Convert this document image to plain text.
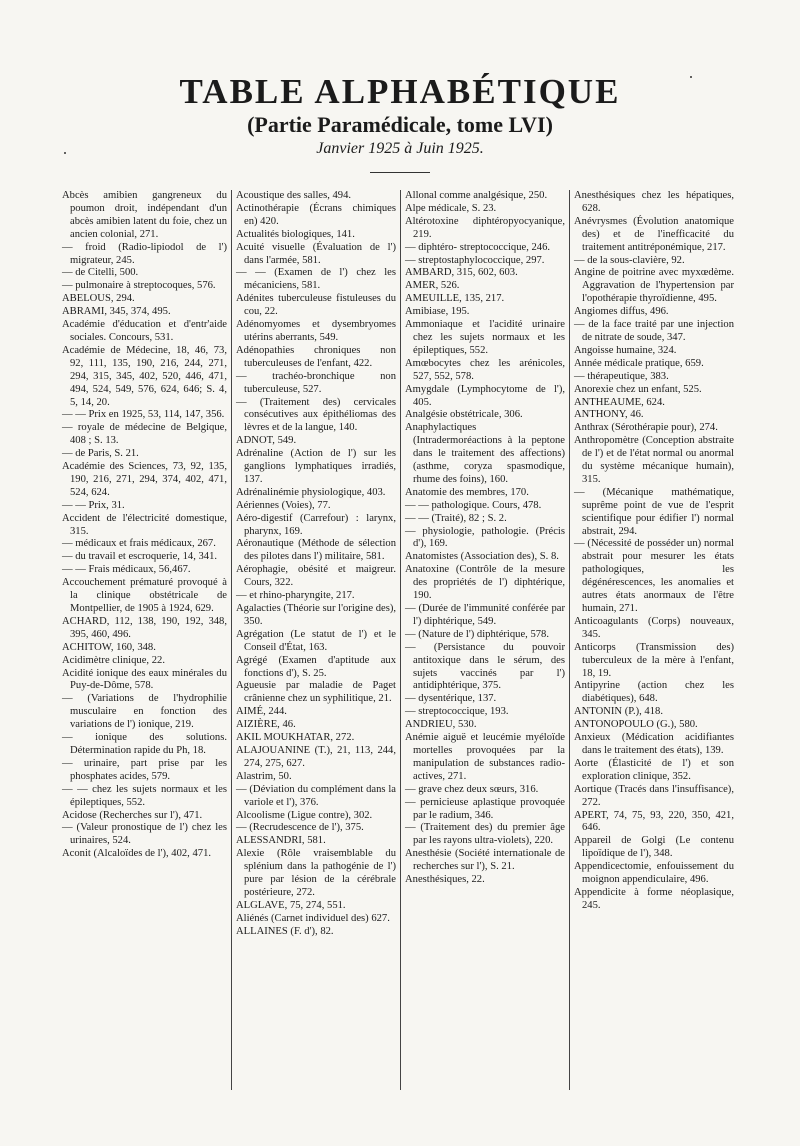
TABLE ALPHABÉTIQUE
(Partie Paramédicale, tome LVI)
Janvier 1925 à Juin 1925.

Abcès amibien gangreneux du poumon droit, indépendant d'un abcès amibien latent du foie, chez un ancien colonial, 271.

— froid (Radio-lipiodol de l') migrateur, 245.

— de Citelli, 500.

— pulmonaire à streptocoques, 576.

ABELOUS, 294.

ABRAMI, 345, 374, 495.

Académie d'éducation et d'entr'aide sociales. Concours, 531.

Académie de Médecine, 18, 46, 73, 92, 111, 135, 190, 216, 244, 271, 294, 315, 345, 402, 520, 446, 471, 494, 524, 549, 576, 624, 646; S. 4, 5, 14, 20.

— — Prix en 1925, 53, 114, 147, 356.

— royale de médecine de Belgique, 408 ; S. 13.

— de Paris, S. 21.

Académie des Sciences, 73, 92, 135, 190, 216, 271, 294, 374, 402, 471, 524, 624.

— — Prix, 31.

Accident de l'électricité domestique, 315.

— médicaux et frais médicaux, 267.

— du travail et escroquerie, 14, 341.

— — Frais médicaux, 56,467.

Accouchement prématuré provoqué à la clinique obstétricale de Montpellier, de 1905 à 1924, 629.

ACHARD, 112, 138, 190, 192, 348, 395, 460, 496.

ACHITOW, 160, 348.

Acidimètre clinique, 22.

Acidité ionique des eaux minérales du Puy-de-Dôme, 578.

— (Variations de l'hydrophilie musculaire en fonction des variations de l') ionique, 219.

— ionique des solutions. Détermination rapide du Ph, 18.

— urinaire, part prise par les phosphates acides, 579.

— — chez les sujets normaux et les épileptiques, 552.

Acidose (Recherches sur l'), 471.

— (Valeur pronostique de l') chez les urinaires, 524.

Aconit (Alcaloïdes de l'), 402, 471.

Acoustique des salles, 494.

Actinothérapie (Écrans chimiques en) 420.

Actualités biologiques, 141.

Acuité visuelle (Évaluation de l') dans l'armée, 581.

— — (Examen de l') chez les mécaniciens, 581.

Adénites tuberculeuse fistuleuses du cou, 22.

Adénomyomes et dysembryomes utérins aberrants, 549.

Adénopathies chroniques non tuberculeuses de l'enfant, 422.

— trachéo-bronchique non tuberculeuse, 527.

— (Traitement des) cervicales consécutives aux épithéliomas des lèvres et de la langue, 140.

ADNOT, 549.

Adrénaline (Action de l') sur les ganglions lymphatiques irradiés, 137.

Adrénalinémie physiologique, 403.

Aériennes (Voies), 77.

Aéro-digestif (Carrefour) : larynx, pharynx, 169.

Aéronautique (Méthode de sélection des pilotes dans l') militaire, 581.

Aérophagie, obésité et maigreur. Cours, 322.

— et rhino-pharyngite, 217.

Agalacties (Théorie sur l'origine des), 350.

Agrégation (Le statut de l') et le Conseil d'État, 163.

Agrégé (Examen d'aptitude aux fonctions d'), S. 25.

Agueusie par maladie de Paget crânienne chez un syphilitique, 21.

AIMÉ, 244.

AIZIÈRE, 46.

AKIL MOUKHATAR, 272.

ALAJOUANINE (T.), 21, 113, 244, 274, 275, 627.

Alastrim, 50.

— (Déviation du complément dans la variole et l'), 376.

Alcoolisme (Ligue contre), 302.

— (Recrudescence de l'), 375.

ALESSANDRI, 581.

Alexie (Rôle vraisemblable du splénium dans la pathogénie de l') pure par lésion de la cérébrale postérieure, 272.

ALGLAVE, 75, 274, 551.

Aliénés (Carnet individuel des) 627.

ALLAINES (F. d'), 82.

Allonal comme analgésique, 250.

Alpe médicale, S. 23.

Altérotoxine diphtéropyocyanique, 219.

— diphtéro- streptococcique, 246.

— streptostaphylococcique, 297.

AMBARD, 315, 602, 603.

AMER, 526.

AMEUILLE, 135, 217.

Amibiase, 195.

Ammoniaque et l'acidité urinaire chez les sujets normaux et les épileptiques, 552.

Amœbocytes chez les arénicoles, 527, 552, 578.

Amygdale (Lymphocytome de l'), 405.

Analgésie obstétricale, 306.

Anaphylactiques (Intradermoréactions à la peptone dans le traitement des affections) (asthme, coryza spasmodique, rhume des foins), 160.

Anatomie des membres, 170.

— — pathologique. Cours, 478.

— — (Traité), 82 ; S. 2.

— physiologie, pathologie. (Précis d'), 169.

Anatomistes (Association des), S. 8.

Anatoxine (Contrôle de la mesure des propriétés de l') diphtérique, 190.

— (Durée de l'immunité conférée par l') diphtérique, 549.

— (Nature de l') diphtérique, 578.

— (Persistance du pouvoir antitoxique dans le sérum, des sujets vaccinés par l') antidiphtérique, 375.

— dysentérique, 137.

— streptococcique, 193.

ANDRIEU, 530.

Anémie aiguë et leucémie myéloïde mortelles provoquées par la manipulation de substances radio-actives, 271.

— grave chez deux sœurs, 316.

— pernicieuse aplastique provoquée par le radium, 346.

— (Traitement des) du premier âge par les rayons ultra-violets), 220.

Anesthésie (Société internationale de recherches sur l'), S. 21.

Anesthésiques, 22.

Anesthésiques chez les hépatiques, 628.

Anévrysmes (Évolution anatomique des) et de l'inefficacité du traitement antitréponémique, 217.

— de la sous-clavière, 92.

Angine de poitrine avec myxœdème. Aggravation de l'hypertension par l'opothérapie thyroïdienne, 495.

Angiomes diffus, 496.

— de la face traité par une injection de nitrate de soude, 347.

Angoisse humaine, 324.

Année médicale pratique, 659.

— thérapeutique, 383.

Anorexie chez un enfant, 525.

ANTHEAUME, 624.

ANTHONY, 46.

Anthrax (Sérothérapie pour), 274.

Anthropomètre (Conception abstraite de l') et de l'état normal ou anormal du système mécanique humain), 315.

— (Mécanique mathématique, suprême point de vue de l'esprit scientifique pour édifier l') normal abstrait, 294.

— (Nécessité de posséder un) normal abstrait pour mesurer les états pathologiques, les dégénérescences, les anomalies et autres états anormaux de l'être humain, 271.

Anticoagulants (Corps) nouveaux, 345.

Anticorps (Transmission des) tuberculeux de la mère à l'enfant, 18, 19.

Antipyrine (action chez les diabétiques), 648.

ANTONIN (P.), 418.

ANTONOPOULO (G.), 580.

Anxieux (Médication acidifiantes dans le traitement des états), 139.

Aorte (Élasticité de l') et son exploration clinique, 352.

Aortique (Tracés dans l'insuffisance), 272.

APERT, 74, 75, 93, 220, 350, 421, 646.

Appareil de Golgi (Le contenu lipoïdique de l'), 348.

Appendicectomie, enfouissement du moignon appendiculaire, 496.

Appendicite à forme néoplasique, 245.
